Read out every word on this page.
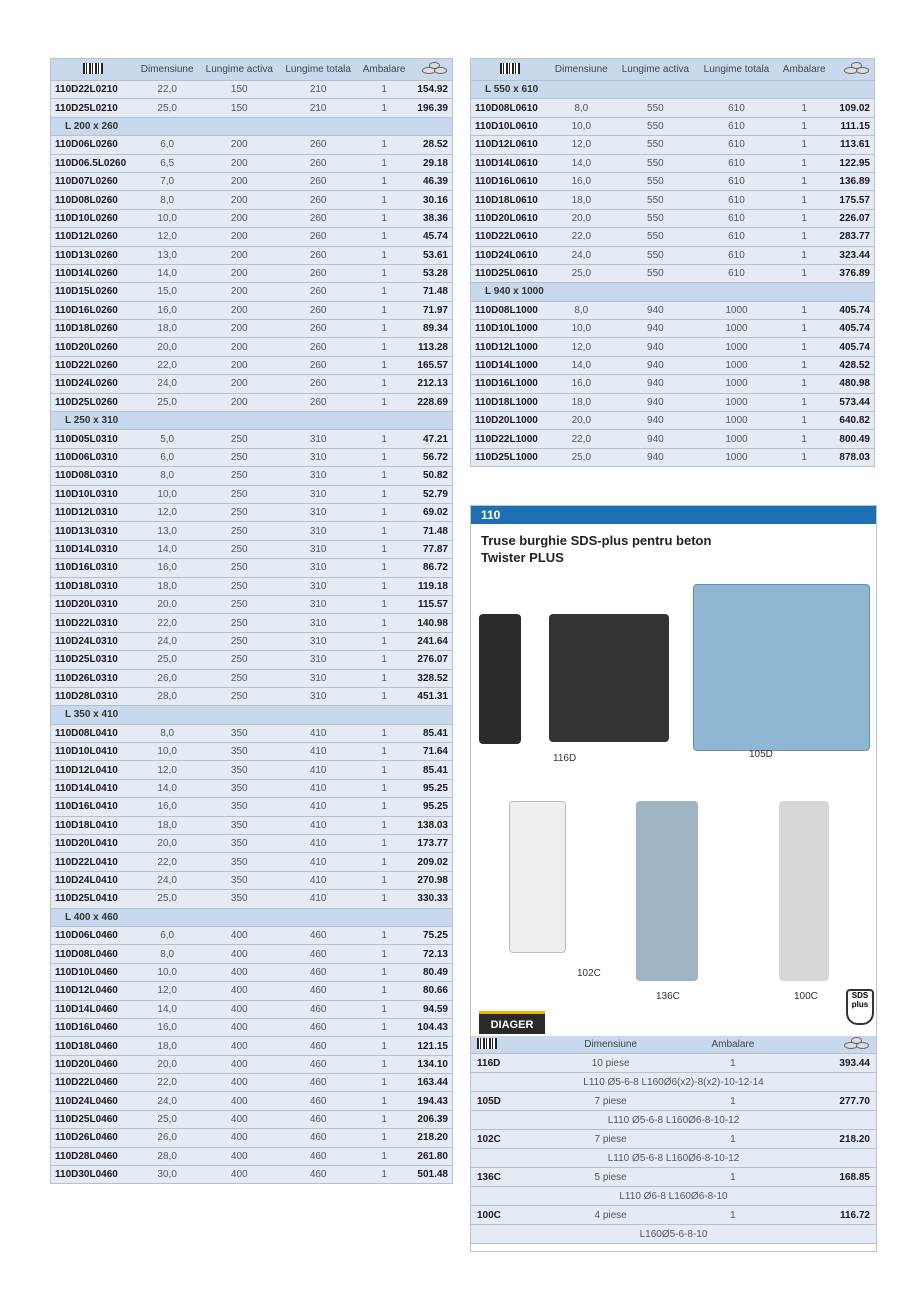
	Dimensiune	Lungime activa	Lungime totala	Ambalare	

110D22L0210	22,0	150	210	1	154.92
110D25L0210	25,0	150	210	1	196.39
L 200 x 260					
110D06L0260	6,0	200	260	1	28.52
110D06.5L0260	6,5	200	260	1	29.18
110D07L0260	7,0	200	260	1	46.39
110D08L0260	8,0	200	260	1	30.16
110D10L0260	10,0	200	260	1	38.36
110D12L0260	12,0	200	260	1	45.74
110D13L0260	13,0	200	260	1	53.61
110D14L0260	14,0	200	260	1	53.28
110D15L0260	15,0	200	260	1	71.48
110D16L0260	16,0	200	260	1	71.97
110D18L0260	18,0	200	260	1	89.34
110D20L0260	20,0	200	260	1	113.28
110D22L0260	22,0	200	260	1	165.57
110D24L0260	24,0	200	260	1	212.13
110D25L0260	25,0	200	260	1	228.69
L 250 x 310					
110D05L0310	5,0	250	310	1	47.21
110D06L0310	6,0	250	310	1	56.72
110D08L0310	8,0	250	310	1	50.82
110D10L0310	10,0	250	310	1	52.79
110D12L0310	12,0	250	310	1	69.02
110D13L0310	13,0	250	310	1	71.48
110D14L0310	14,0	250	310	1	77.87
110D16L0310	16,0	250	310	1	86.72
110D18L0310	18,0	250	310	1	119.18
110D20L0310	20,0	250	310	1	115.57
110D22L0310	22,0	250	310	1	140.98
110D24L0310	24,0	250	310	1	241.64
110D25L0310	25,0	250	310	1	276.07
110D26L0310	26,0	250	310	1	328.52
110D28L0310	28,0	250	310	1	451.31
L 350 x 410					
110D08L0410	8,0	350	410	1	85.41
110D10L0410	10,0	350	410	1	71.64
110D12L0410	12,0	350	410	1	85.41
110D14L0410	14,0	350	410	1	95.25
110D16L0410	16,0	350	410	1	95.25
110D18L0410	18,0	350	410	1	138.03
110D20L0410	20,0	350	410	1	173.77
110D22L0410	22,0	350	410	1	209.02
110D24L0410	24,0	350	410	1	270.98
110D25L0410	25,0	350	410	1	330.33
L 400 x 460					
110D06L0460	6,0	400	460	1	75.25
110D08L0460	8,0	400	460	1	72.13
110D10L0460	10,0	400	460	1	80.49
110D12L0460	12,0	400	460	1	80.66
110D14L0460	14,0	400	460	1	94.59
110D16L0460	16,0	400	460	1	104.43
110D18L0460	18,0	400	460	1	121.15
110D20L0460	20,0	400	460	1	134.10
110D22L0460	22,0	400	460	1	163.44
110D24L0460	24,0	400	460	1	194.43
110D25L0460	25,0	400	460	1	206.39
110D26L0460	26,0	400	460	1	218.20
110D28L0460	28,0	400	460	1	261.80
110D30L0460	30,0	400	460	1	501.48
	Dimensiune	Lungime activa	Lungime totala	Ambalare	

L 550 x 610					
110D08L0610	8,0	550	610	1	109.02
110D10L0610	10,0	550	610	1	111.15
110D12L0610	12,0	550	610	1	113.61
110D14L0610	14,0	550	610	1	122.95
110D16L0610	16,0	550	610	1	136.89
110D18L0610	18,0	550	610	1	175.57
110D20L0610	20,0	550	610	1	226.07
110D22L0610	22,0	550	610	1	283.77
110D24L0610	24,0	550	610	1	323.44
110D25L0610	25,0	550	610	1	376.89
L 940 x 1000					
110D08L1000	8,0	940	1000	1	405.74
110D10L1000	10,0	940	1000	1	405.74
110D12L1000	12,0	940	1000	1	405.74
110D14L1000	14,0	940	1000	1	428.52
110D16L1000	16,0	940	1000	1	480.98
110D18L1000	18,0	940	1000	1	573.44
110D20L1000	20,0	940	1000	1	640.82
110D22L1000	22,0	940	1000	1	800.49
110D25L1000	25,0	940	1000	1	878.03
110
Truse burghie SDS-plus pentru beton
Twister PLUS
116D	105D
102C
136C	100C	SDS
plus
DIAGER
	Dimensiune	Ambalare	

116D	10 piese	1	393.44
L110 Ø5-6-8 L160Ø6(x2)-8(x2)-10-12-14			
105D	7 piese	1	277.70
L110 Ø5-6-8 L160Ø6-8-10-12			
102C	7 piese	1	218.20
L110 Ø5-6-8 L160Ø6-8-10-12			
136C	5 piese	1	168.85
L110 Ø6-8 L160Ø6-8-10			
100C	4 piese	1	116.72
L160Ø5-6-8-10			
